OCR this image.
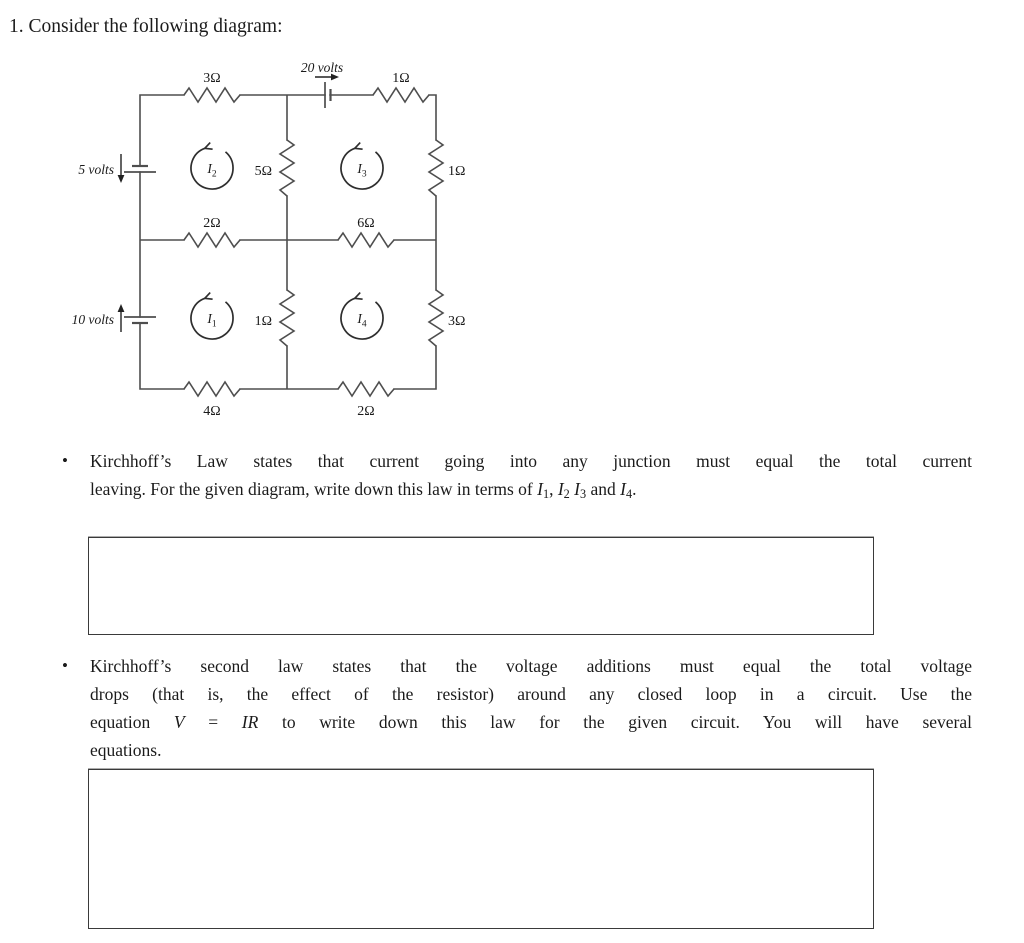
1. Consider the following diagram:
3Ω	1Ω
20 volts
5 volts
10 volts
5Ω	1Ω
2Ω	6Ω
1Ω	3Ω
4Ω	2Ω
$I_2$	$I_3$
$I_1$	$I_4$
• Kirchhoff’s Law states that current going into any junction must equal the total current
leaving. For the given diagram, write down this law in terms of $I_1$, $I_2$ $I_3$ and $I_4$.
• Kirchhoff’s second law states that the voltage additions must equal the total voltage
drops (that is, the effect of the resistor) around any closed loop in a circuit. Use the
equation V = IR to write down this law for the given circuit. You will have several
equations.
